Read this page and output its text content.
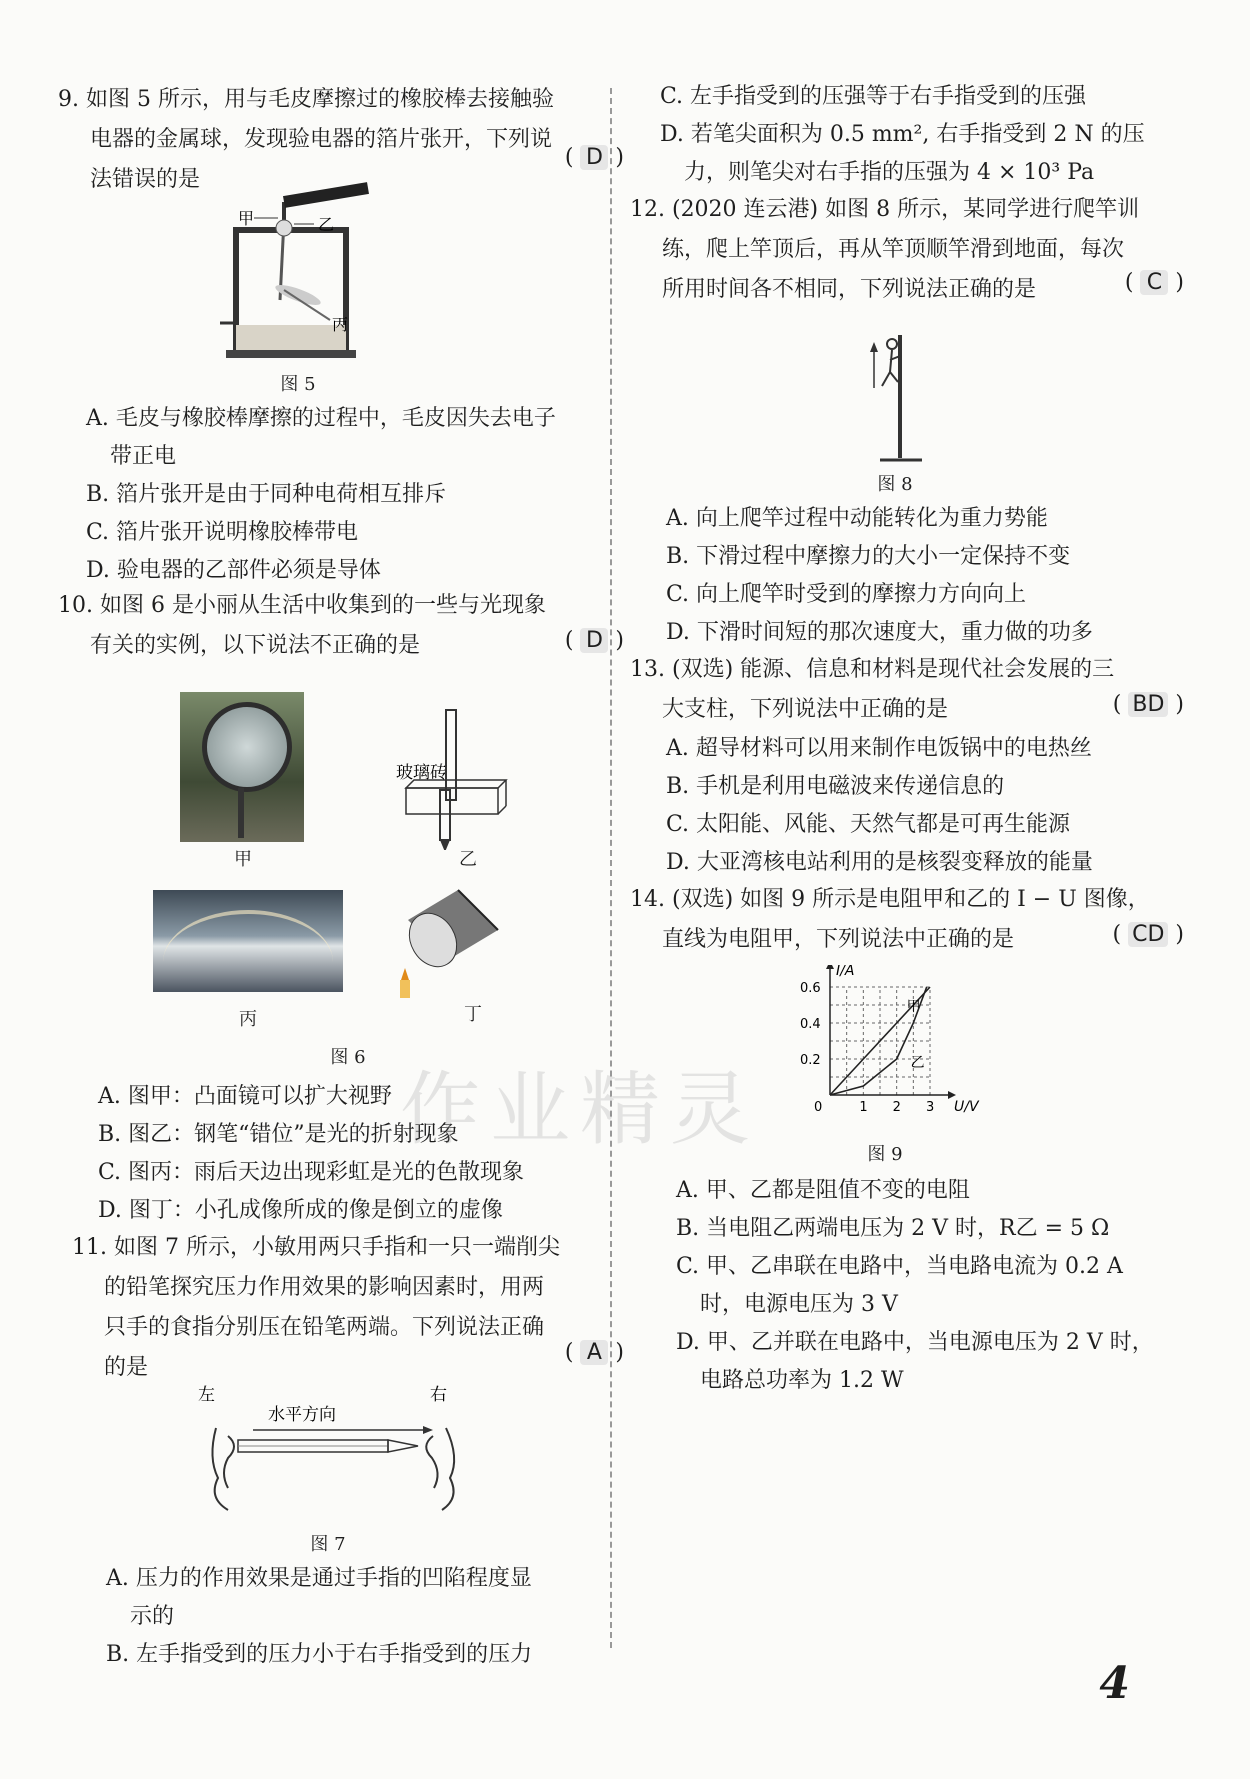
9. 如图 5 所示，用与毛皮摩擦过的橡胶棒去接触验
电器的金属球，发现验电器的箔片张开，下列说
法错误的是
( D )
甲	乙
丙
图 5
A. 毛皮与橡胶棒摩擦的过程中，毛皮因失去电子
带正电
B. 箔片张开是由于同种电荷相互排斥
C. 箔片张开说明橡胶棒带电
D. 验电器的乙部件必须是导体
10. 如图 6 是小丽从生活中收集到的一些与光现象
有关的实例，以下说法不正确的是	( D )
甲
玻璃砖
乙
丙	丁
图 6
A. 图甲：凸面镜可以扩大视野
B. 图乙：钢笔“错位”是光的折射现象
C. 图丙：雨后天边出现彩虹是光的色散现象
D. 图丁：小孔成像所成的像是倒立的虚像
11. 如图 7 所示，小敏用两只手指和一只一端削尖
的铅笔探究压力作用效果的影响因素时，用两
只手的食指分别压在铅笔两端。下列说法正确
的是
( A )
左	右
水平方向
图 7
A. 压力的作用效果是通过手指的凹陷程度显
示的
B. 左手指受到的压力小于右手指受到的压力
C. 左手指受到的压强等于右手指受到的压强
D. 若笔尖面积为 0.5 mm², 右手指受到 2 N 的压
力，则笔尖对右手指的压强为 4 × 10³ Pa
12. (2020 连云港) 如图 8 所示，某同学进行爬竿训
练，爬上竿顶后，再从竿顶顺竿滑到地面，每次
所用时间各不相同，下列说法正确的是	( C )
图 8
A. 向上爬竿过程中动能转化为重力势能
B. 下滑过程中摩擦力的大小一定保持不变
C. 向上爬竿时受到的摩擦力方向向上
D. 下滑时间短的那次速度大，重力做的功多
13. (双选) 能源、信息和材料是现代社会发展的三
大支柱，下列说法中正确的是	( BD )
A. 超导材料可以用来制作电饭锅中的电热丝
B. 手机是利用电磁波来传递信息的
C. 太阳能、风能、天然气都是可再生能源
D. 大亚湾核电站利用的是核裂变释放的能量
14. (双选) 如图 9 所示是电阻甲和乙的 I − U 图像，
直线为电阻甲，下列说法中正确的是	( CD )
U/V
I/A
0	1 2 3
0.2
0.4
0.6
甲
乙
图 9
A. 甲、乙都是阻值不变的电阻
B. 当电阻乙两端电压为 2 V 时，R乙 = 5 Ω
C. 甲、乙串联在电路中，当电路电流为 0.2 A
时，电源电压为 3 V
D. 甲、乙并联在电路中，当电源电压为 2 V 时，
电路总功率为 1.2 W
作业精灵
4
